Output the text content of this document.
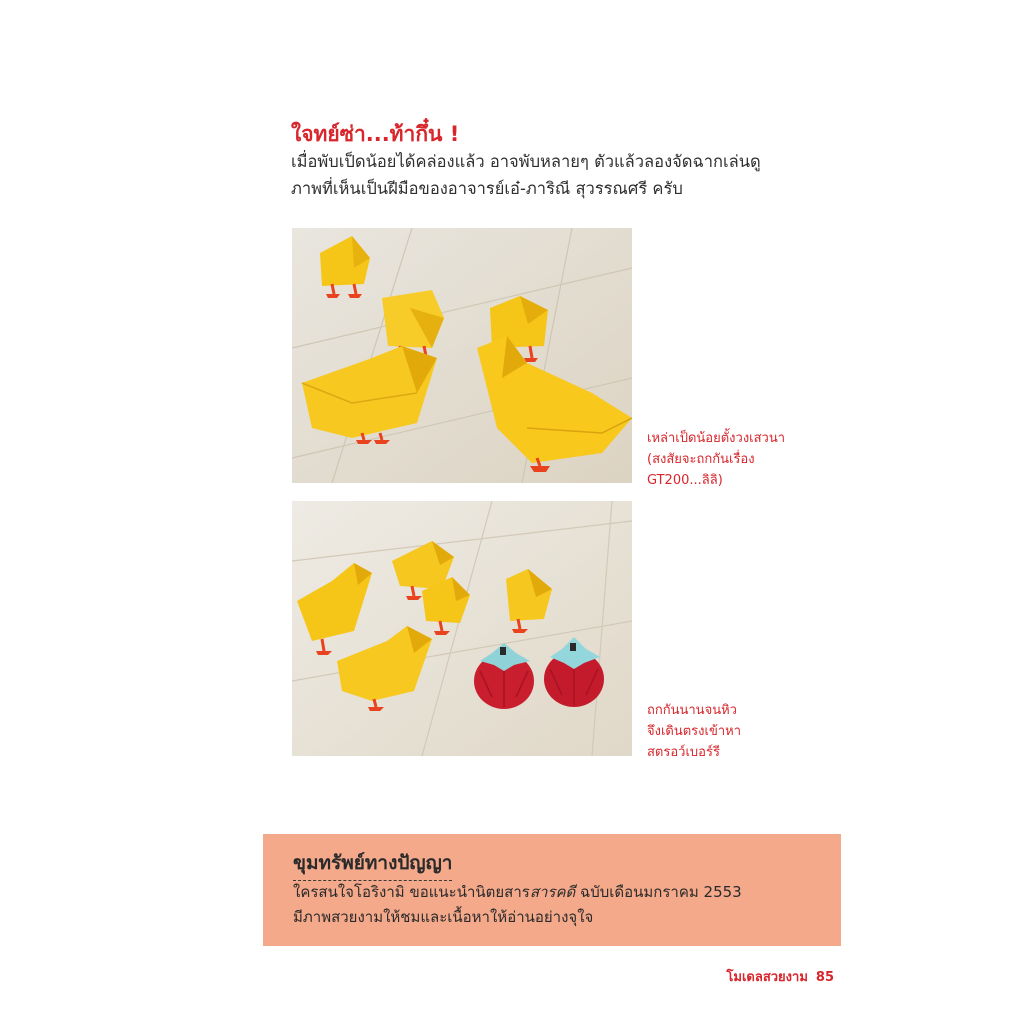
ใจทย์ซ่า...ท้ากึ๋น !

เมื่อพับเป็ดน้อยได้คล่องแล้ว อาจพับหลายๆ ตัวแล้วลองจัดฉากเล่นดู

ภาพที่เห็นเป็นฝีมือของอาจารย์เอ๋-ภาริณี สุวรรณศรี ครับ

เหล่าเป็ดน้อยตั้งวงเสวนา

(สงสัยจะถกกันเรื่อง

GT200...ลิลิ)

ถกกันนานจนหิว

จึงเดินตรงเข้าหา

สตรอว์เบอร์รี

ขุมทรัพย์ทางปัญญา

ใครสนใจโอริงามิ ขอแนะนำนิตยสารสารคดี ฉบับเดือนมกราคม 2553

มีภาพสวยงามให้ชมและเนื้อหาให้อ่านอย่างจุใจ

โมเดลสวยงาม 85
